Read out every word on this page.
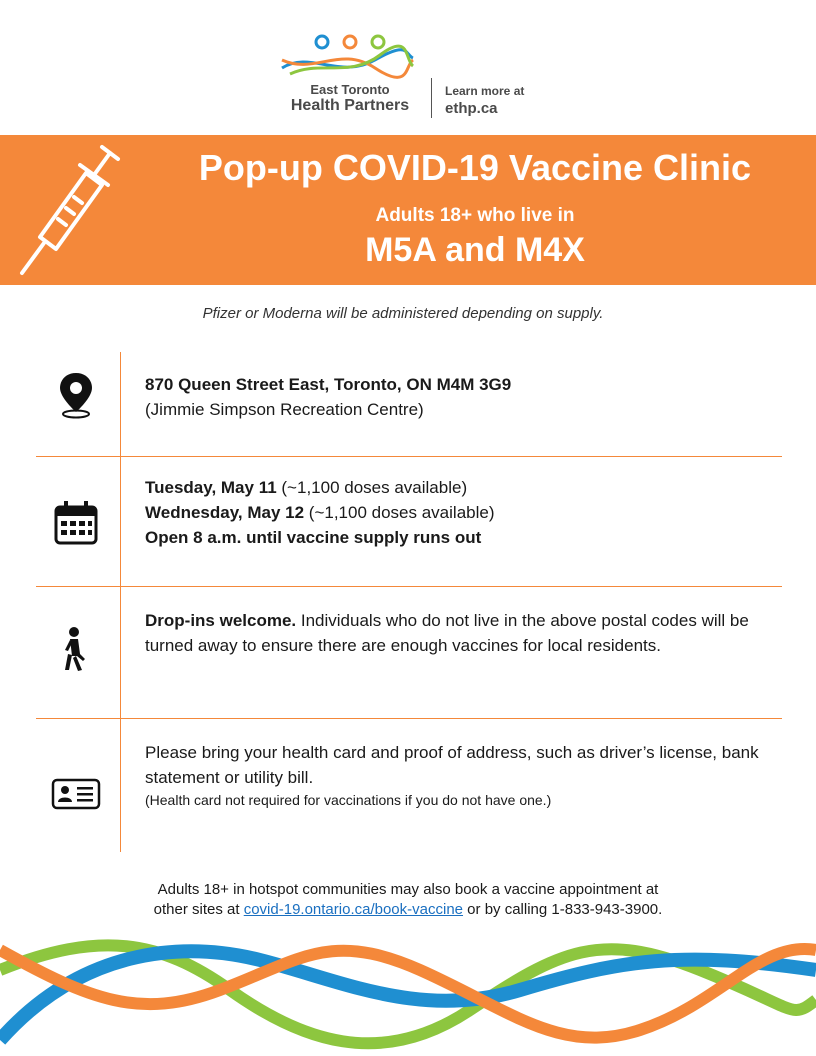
East Toronto
Health Partners
Learn more at
ethp.ca
Pop-up COVID-19 Vaccine Clinic
Adults 18+ who live in
M5A and M4X
Pfizer or Moderna will be administered depending on supply.
870 Queen Street East, Toronto, ON M4M 3G9
(Jimmie Simpson Recreation Centre)
Tuesday, May 11 (~1,100 doses available)
Wednesday, May 12 (~1,100 doses available)
Open 8 a.m. until vaccine supply runs out
Drop-ins welcome. Individuals who do not live in the above postal codes will be turned away to ensure there are enough vaccines for local residents.
Please bring your health card and proof of address, such as driver’s license, bank statement or utility bill.
(Health card not required for vaccinations if you do not have one.)
Adults 18+ in hotspot communities may also book a vaccine appointment at
other sites at covid-19.ontario.ca/book-vaccine or by calling 1-833-943-3900.
